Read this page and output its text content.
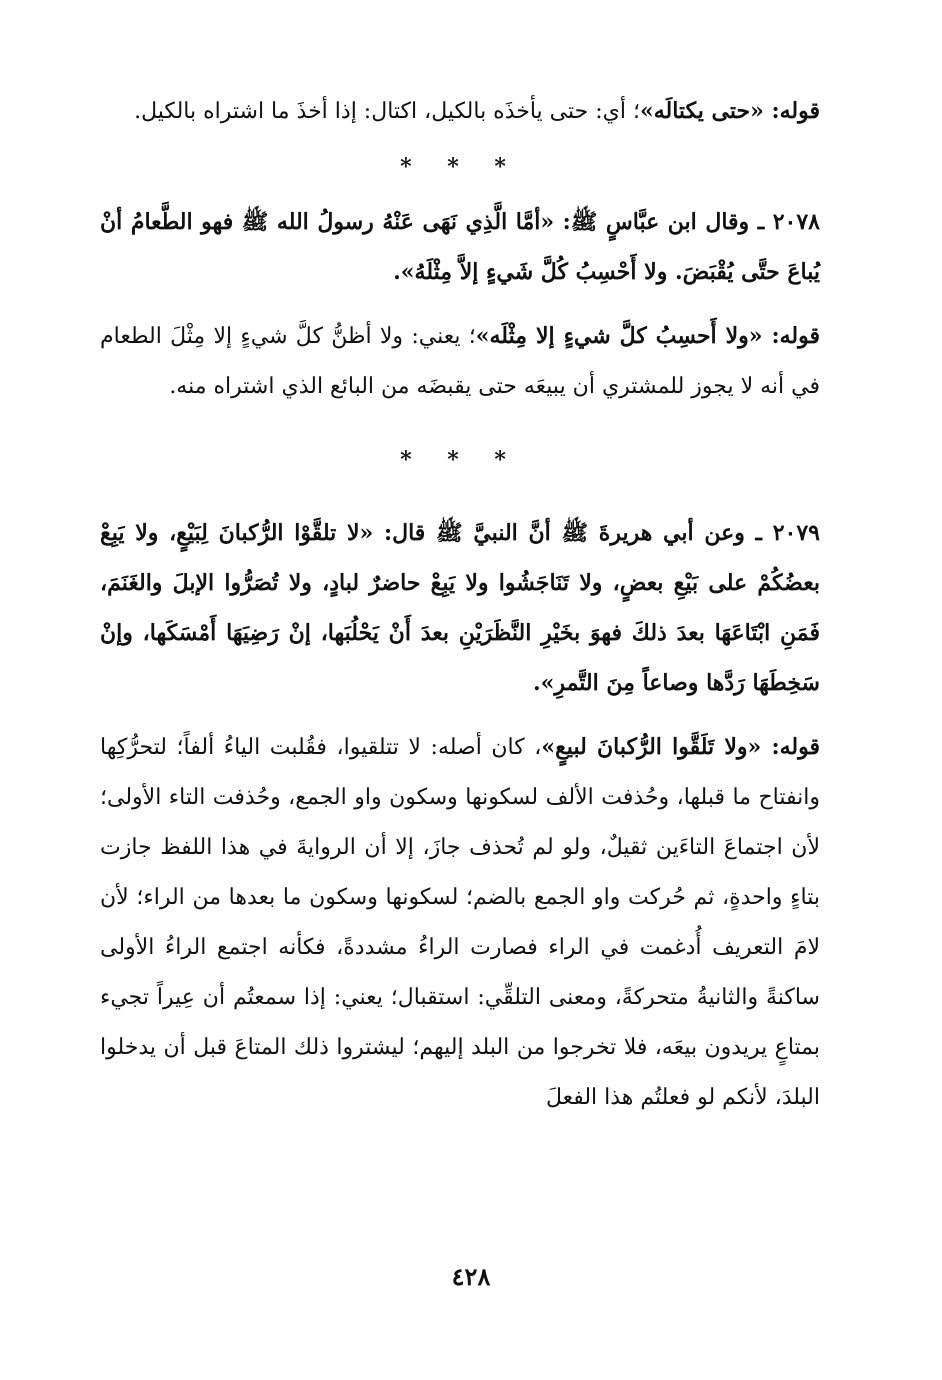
قوله: «حتى يكتالَه»؛ أي: حتى يأخذَه بالكيل، اكتال: إذا أخذَ ما اشتراه بالكيل.

* * *

٢٠٧٨ ـ وقال ابن عبَّاسٍ ﷺ: «أمَّا الَّذِي نَهَى عَنْهُ رسولُ الله ﷺ فهو الطَّعامُ أنْ يُباعَ حتَّى يُقْبَضَ. ولا أَحْسِبُ كُلَّ شَيءٍ إلاَّ مِثْلَهُ».

قوله: «ولا أَحسِبُ كلَّ شيءٍ إلا مِثْلَه»؛ يعني: ولا أظنُّ كلَّ شيءٍ إلا مِثْلَ الطعام في أنه لا يجوز للمشتري أن يبيعَه حتى يقبضَه من البائع الذي اشتراه منه.

* * *

٢٠٧٩ ـ وعن أبي هريرةَ ﷺ أنَّ النبيَّ ﷺ قال: «لا تلقَّوْا الرُّكبانَ لِبَيْعٍ، ولا يَبِعْ بعضُكُمْ على بَيْعِ بعضٍ، ولا تَنَاجَشُوا ولا يَبِعْ حاضرٌ لبادٍ، ولا تُصَرُّوا الإبلَ والغَنَمَ، فَمَنِ ابْتَاعَهَا بعدَ ذلكَ فهوَ بخَيْرِ النَّظَرَيْنِ بعدَ أَنْ يَحْلُبَها، إنْ رَضِيَهَا أَمْسَكَها، وإنْ سَخِطَهَا رَدَّها وصاعاً مِنَ التَّمرِ».

قوله: «ولا تَلَقَّوا الرُّكبانَ لبيعٍ»، كان أصله: لا تتلقيوا، فقُلبت الياءُ ألفاً؛ لتحرُّكِها وانفتاح ما قبلها، وحُذفت الألف لسكونها وسكون واو الجمع، وحُذفت التاء الأولى؛ لأن اجتماعَ التاءَين ثقيلٌ، ولو لم تُحذف جازَ، إلا أن الروايةَ في هذا اللفظ جازت بتاءٍ واحدةٍ، ثم حُركت واو الجمع بالضم؛ لسكونها وسكون ما بعدها من الراء؛ لأن لامَ التعريف أُدغمت في الراء فصارت الراءُ مشددةً، فكأنه اجتمع الراءُ الأولى ساكنةً والثانيةُ متحركةً، ومعنى التلقِّي: استقبال؛ يعني: إذا سمعتُم أن عِيراً تجيء بمتاعٍ يريدون بيعَه، فلا تخرجوا من البلد إليهم؛ ليشتروا ذلك المتاعَ قبل أن يدخلوا البلدَ، لأنكم لو فعلتُم هذا الفعلَ

٤٢٨
